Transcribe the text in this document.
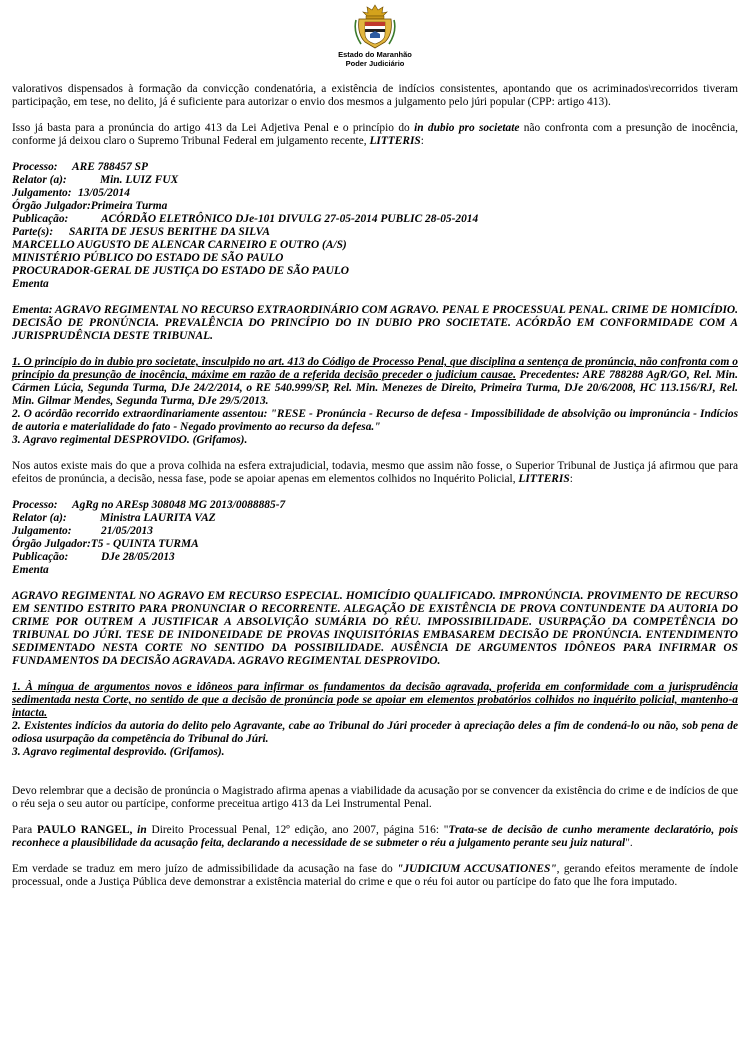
Estado do Maranhão
Poder Judiciário

valorativos dispensados à formação da convicção condenatória, a existência de indícios consistentes, apontando que os acriminados\recorridos tiveram participação, em tese, no delito, já é suficiente para autorizar o envio dos mesmos a julgamento pelo júri popular (CPP: artigo 413).

Isso já basta para a pronúncia do artigo 413 da Lei Adjetiva Penal e o princípio do in dubio pro societate não confronta com a presunção de inocência, conforme já deixou claro o Supremo Tribunal Federal em julgamento recente, LITTERIS:

Processo:	ARE 788457 SP
Relator (a):	Min. LUIZ FUX
Julgamento: 13/05/2014
Órgão Julgador: Primeira Turma
Publicação:	ACÓRDÃO ELETRÔNICO DJe-101 DIVULG 27-05-2014 PUBLIC 28-05-2014
Parte(s):	SARITA DE JESUS BERITHE DA SILVA
MARCELLO AUGUSTO DE ALENCAR CARNEIRO E OUTRO (A/S)
MINISTÉRIO PÚBLICO DO ESTADO DE SÃO PAULO
PROCURADOR-GERAL DE JUSTIÇA DO ESTADO DE SÃO PAULO
Ementa

Ementa: AGRAVO REGIMENTAL NO RECURSO EXTRAORDINÁRIO COM AGRAVO. PENAL E PROCESSUAL PENAL. CRIME DE HOMICÍDIO. DECISÃO DE PRONÚNCIA. PREVALÊNCIA DO PRINCÍPIO DO IN DUBIO PRO SOCIETATE. ACÓRDÃO EM CONFORMIDADE COM A JURISPRUDÊNCIA DESTE TRIBUNAL.

1. O princípio do in dubio pro societate, insculpido no art. 413 do Código de Processo Penal, que disciplina a sentença de pronúncia, não confronta com o princípio da presunção de inocência, máxime em razão de a referida decisão preceder o judicium causae. Precedentes: ARE 788288 AgR/GO, Rel. Min. Cármen Lúcia, Segunda Turma, DJe 24/2/2014, o RE 540.999/SP, Rel. Min. Menezes de Direito, Primeira Turma, DJe 20/6/2008, HC 113.156/RJ, Rel. Min. Gilmar Mendes, Segunda Turma, DJe 29/5/2013.

2. O acórdão recorrido extraordinariamente assentou: "RESE - Pronúncia - Recurso de defesa - Impossibilidade de absolvição ou impronúncia - Indícios de autoria e materialidade do fato - Negado provimento ao recurso da defesa."

3. Agravo regimental DESPROVIDO. (Grifamos).

Nos autos existe mais do que a prova colhida na esfera extrajudicial, todavia, mesmo que assim não fosse, o Superior Tribunal de Justiça já afirmou que para efeitos de pronúncia, a decisão, nessa fase, pode se apoiar apenas em elementos colhidos no Inquérito Policial, LITTERIS:

Processo:	AgRg no AREsp 308048 MG 2013/0088885-7
Relator (a):	Ministra LAURITA VAZ
Julgamento:	21/05/2013
Órgão Julgador: T5 - QUINTA TURMA
Publicação:	DJe 28/05/2013
Ementa

AGRAVO REGIMENTAL NO AGRAVO EM RECURSO ESPECIAL. HOMICÍDIO QUALIFICADO. IMPRONÚNCIA. PROVIMENTO DE RECURSO EM SENTIDO ESTRITO PARA PRONUNCIAR O RECORRENTE. ALEGAÇÃO DE EXISTÊNCIA DE PROVA CONTUNDENTE DA AUTORIA DO CRIME POR OUTREM A JUSTIFICAR A ABSOLVIÇÃO SUMÁRIA DO RÉU. IMPOSSIBILIDADE. USURPAÇÃO DA COMPETÊNCIA DO TRIBUNAL DO JÚRI. TESE DE INIDONEIDADE DE PROVAS INQUISITÓRIAS EMBASAREM DECISÃO DE PRONÚNCIA. ENTENDIMENTO SEDIMENTADO NESTA CORTE NO SENTIDO DA POSSIBILIDADE. AUSÊNCIA DE ARGUMENTOS IDÔNEOS PARA INFIRMAR OS FUNDAMENTOS DA DECISÃO AGRAVADA. AGRAVO REGIMENTAL DESPROVIDO.

1. À míngua de argumentos novos e idôneos para infirmar os fundamentos da decisão agravada, proferida em conformidade com a jurisprudência sedimentada nesta Corte, no sentido de que a decisão de pronúncia pode se apoiar em elementos probatórios colhidos no inquérito policial, mantenho-a intacta.

2. Existentes indícios da autoria do delito pelo Agravante, cabe ao Tribunal do Júri proceder à apreciação deles a fim de condená-lo ou não, sob pena de odiosa usurpação da competência do Tribunal do Júri.

3. Agravo regimental desprovido. (Grifamos).

Devo relembrar que a decisão de pronúncia o Magistrado afirma apenas a viabilidade da acusação por se convencer da existência do crime e de indícios de que o réu seja o seu autor ou partícipe, conforme preceitua artigo 413 da Lei Instrumental Penal.

Para PAULO RANGEL, in Direito Processual Penal, 12º edição, ano 2007, página 516: "Trata-se de decisão de cunho meramente declaratório, pois reconhece a plausibilidade da acusação feita, declarando a necessidade de se submeter o réu a julgamento perante seu juiz natural".

Em verdade se traduz em mero juízo de admissibilidade da acusação na fase do "JUDICIUM ACCUSATIONES", gerando efeitos meramente de índole processual, onde a Justiça Pública deve demonstrar a existência material do crime e que o réu foi autor ou partícipe do fato que lhe fora imputado.
